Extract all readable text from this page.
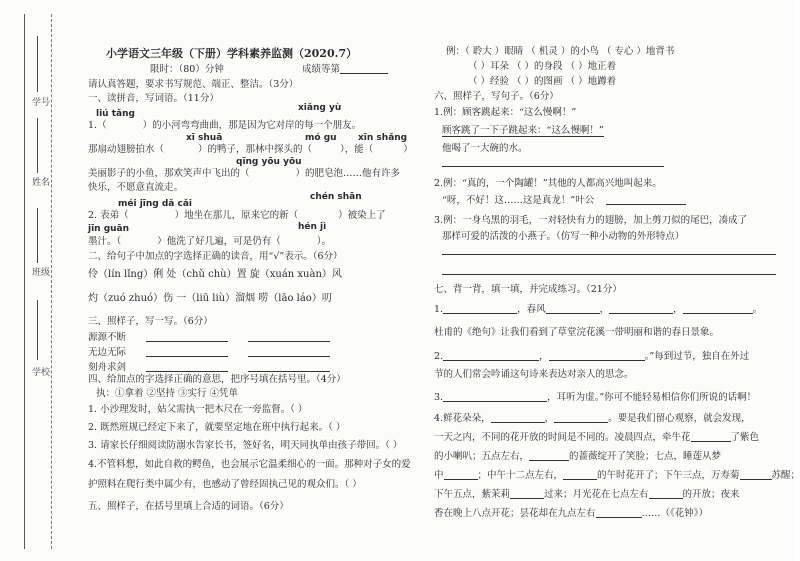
学校
班级
姓名
学号
小学语文三年级（下册）学科素养监测（2020.7）
限时：（80）分钟	成绩等第
请认真答题，要求书写规范、端正、整洁。（3分）
一、读拼音，写词语。（11分）
liú tǎng
xiǎng yù
1.（	）的小河弯弯曲曲，那是因为它对岸的每一个朋友。
xī shuā	mó gu xīn shǎng
那扇动翅膀拍水（	）的鸭子，那林中探头的（	），能（	）
qīng yōu yōu
美丽影子的小鱼，那欢笑声中飞出的（	）的肥皂泡……他有许多
快乐，不愿意直流走。
chén shān
méi jīng dǎ cǎi
2. 表弟（	）地坐在那儿，原来它的新（	）被染上了
jīn guān	hén jì
墨汁。（	）他洗了好几遍，可是仍有（	）。
二、给句子中加点的字选择正确的读音，用“√”表示。（6分）
伶（lín lǐng）俐 处（chǔ chù）置 旋（xuán xuàn）风
灼（zuó zhuó）伤 一（liū liù）溜烟 唠（lāo láo）叨
三、照样子，写一写。（6分）
源源不断
无边无际
刻舟求剑
四、给加点的字选择正确的意思，把序号填在括号里。（4分）
执：①拿着 ②坚持 ③实行 ④凭单
1. 小沙理发时，姑父需执一把木尺在一旁监督。（ ）
2. 既然班规已经定下来了，就要坚定地在班中执行起来。（ ）
3. 请家长仔细阅读防溺水告家长书，签好名，明天同执单由孩子带回。（ ）
4.不管料想，如此自救的鳄鱼，也会展示它温柔细心的一面。那种对子女的爱
护照料在爬行类中属少有，也感动了曾经固执己见的观众们。（ ）
五、照样子，在括号里填上合适的词语。（6分）
例：（ 聆大 ）眼睛 （ 机灵 ）的小鸟 （ 专心 ）地背书
（ ）耳朵 （ ）的身段 （ ）地正着
（ ）经验 （ ）的图画 （ ）地蹲着
六、照样子，写句子。（6分）
1.例：顾客跳起来：“这么慢啊！”
顾客跳了一下子跳起来：“这么慢啊！”
他喝了一大碗的水。
2.例：“真的，一个陶罐！”其他的人都高兴地叫起来。
“呀，不好！这……这是真龙！”叶公
3.例：一身乌黑的羽毛，一对轻快有力的翅膀，加上剪刀似的尾巴，凑成了
那样可爱的活泼的小燕子。（仿写一种小动物的外形特点）
七、背一背，填一填，并完成练习。（21分）
1.	，春风	，	，	。
杜甫的《绝句》让我们看到了草堂浣花溪一带明丽和谐的春日景象。
2.	，	。”每到过节，独自在外过
节的人们常会吟诵这句诗来表达对亲人的思念。
3.	，耳听为虚。”你可不能轻易相信你们所说的话啊！
4.鲜花朵朵，	，	。要是我们留心观察，就会发现，
一天之内，不同的花开放的时间是不同的。凌晨四点，牵牛花	了紫色
的小喇叭；五点左右，	的蔷薇绽开了笑脸；七点，睡莲从梦
中	；中午十二点左右，	的午时花开了；下午三点，万寿菊	苏醒；
下午五点，紫茉莉	过来；月光花在七点左右	的开放；夜来
香在晚上八点开花；昙花却在九点左右	……（《花钟》）
